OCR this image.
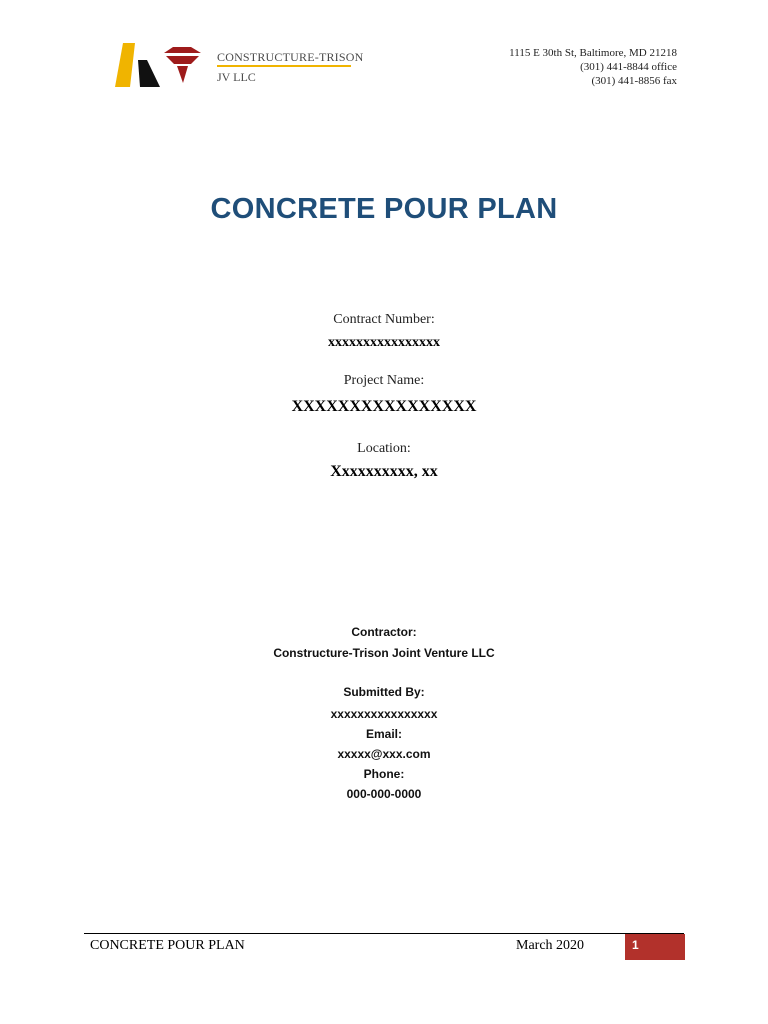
CONSTRUCTURE-TRISON
JV LLC
1115 E 30th St, Baltimore, MD 21218
(301) 441-8844 office
(301) 441-8856 fax
CONCRETE POUR PLAN
Contract Number:
xxxxxxxxxxxxxxxx
Project Name:
XXXXXXXXXXXXXXXX
Location:
Xxxxxxxxxx, xx
Contractor:
Constructure-Trison Joint Venture LLC
Submitted By:
xxxxxxxxxxxxxxxx
Email:
xxxxx@xxx.com
Phone:
000-000-0000
CONCRETE POUR PLAN	March 2020	1
